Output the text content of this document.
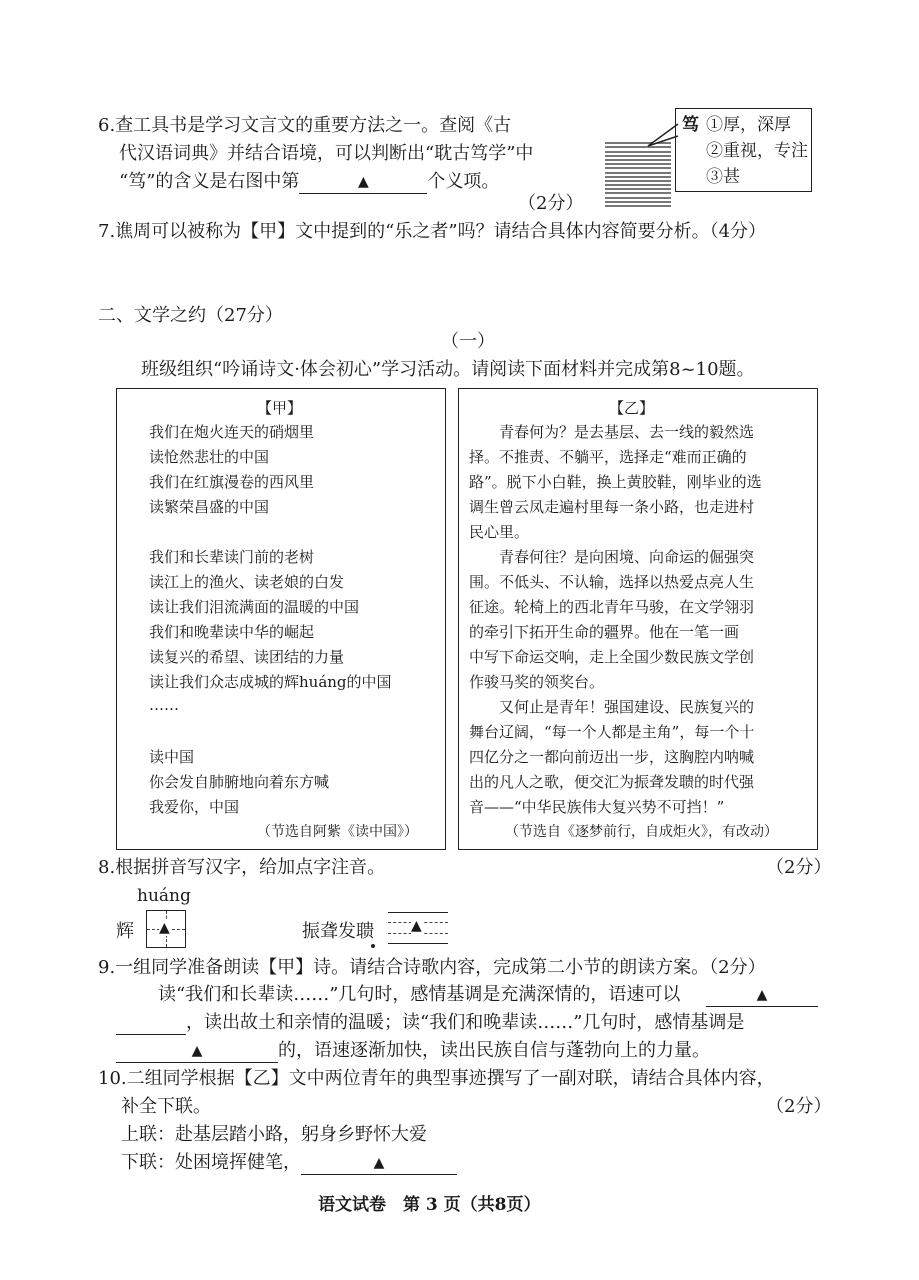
6.查工具书是学习文言文的重要方法之一。查阅《古
代汉语词典》并结合语境，可以判断出“耽古笃学”中
“笃”的含义是右图中第	▲	个义项。
（2分）
笃 ①厚，深厚
②重视，专注
③甚
7.谯周可以被称为【甲】文中提到的“乐之者”吗？请结合具体内容简要分析。（4分）
二、文学之约（27分）
（一）
班级组织“吟诵诗文·体会初心”学习活动。请阅读下面材料并完成第8~10题。
【甲】
我们在炮火连天的硝烟里
读怆然悲壮的中国
我们在红旗漫卷的西风里
读繁荣昌盛的中国
我们和长辈读门前的老树
读江上的渔火、读老娘的白发
读让我们泪流满面的温暖的中国
我们和晚辈读中华的崛起
读复兴的希望、读团结的力量
读让我们众志成城的辉huáng的中国
……
读中国
你会发自肺腑地向着东方喊
我爱你，中国
（节选自阿紫《读中国》）
【乙】
青春何为？是去基层、去一线的毅然选
择。不推责、不躺平，选择走“难而正确的
路”。脱下小白鞋，换上黄胶鞋，刚毕业的选
调生曾云凤走遍村里每一条小路，也走进村
民心里。
青春何往？是向困境、向命运的倔强突
围。不低头、不认输，选择以热爱点亮人生
征途。轮椅上的西北青年马骏，在文学翎羽
的牵引下拓开生命的疆界。他在一笔一画
中写下命运交响，走上全国少数民族文学创
作骏马奖的领奖台。
又何止是青年！强国建设、民族复兴的
舞台辽阔，“每一个人都是主角”，每一个十
四亿分之一都向前迈出一步，这胸腔内呐喊
出的凡人之歌，便交汇为振聋发聩的时代强
音——“中华民族伟大复兴势不可挡！”
（节选自《逐梦前行，自成炬火》，有改动）
8.根据拼音写汉字，给加点字注音。	（2分）
huáng
辉 ▲	振聋发聩	▲
9.一组同学准备朗读【甲】诗。请结合诗歌内容，完成第二小节的朗读方案。（2分）
读“我们和长辈读……”几句时，感情基调是充满深情的，语速可以	▲
，读出故土和亲情的温暖；读“我们和晚辈读……”几句时，感情基调是
▲	的，语速逐渐加快，读出民族自信与蓬勃向上的力量。
10.二组同学根据【乙】文中两位青年的典型事迹撰写了一副对联，请结合具体内容，
补全下联。	（2分）
上联：赴基层踏小路，躬身乡野怀大爱
下联：处困境挥健笔，	▲
语文试卷　第 3 页（共8页）
